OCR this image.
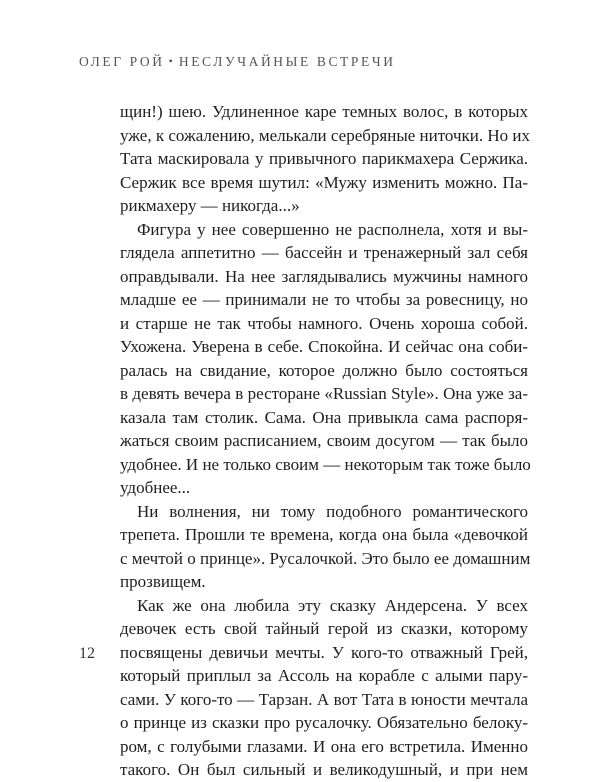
ОЛЕГ РОЙ • НЕСЛУЧАЙНЫЕ ВСТРЕЧИ
щин!) шею. Удлиненное каре темных волос, в которых
уже, к сожалению, мелькали серебряные ниточки. Но их
Тата маскировала у привычного парикмахера Сержика.
Сержик все время шутил: «Мужу изменить можно. Па-
рикмахеру — никогда...»
Фигура у нее совершенно не располнела, хотя и вы-
глядела аппетитно — бассейн и тренажерный зал себя
оправдывали. На нее заглядывались мужчины намного
младше ее — принимали не то чтобы за ровесницу, но
и старше не так чтобы намного. Очень хороша собой.
Ухожена. Уверена в себе. Спокойна. И сейчас она соби-
ралась на свидание, которое должно было состояться
в девять вечера в ресторане «Russian Style». Она уже за-
казала там столик. Сама. Она привыкла сама распоря-
жаться своим расписанием, своим досугом — так было
удобнее. И не только своим — некоторым так тоже было
удобнее...
Ни волнения, ни тому подобного романтического
трепета. Прошли те времена, когда она была «девочкой
с мечтой о принце». Русалочкой. Это было ее домашним
прозвищем.
Как же она любила эту сказку Андерсена. У всех
девочек есть свой тайный герой из сказки, которому
посвящены девичьи мечты. У кого-то отважный Грей,
который приплыл за Ассоль на корабле с алыми пару-
сами. У кого-то — Тарзан. А вот Тата в юности мечтала
о принце из сказки про русалочку. Обязательно белоку-
ром, с голубыми глазами. И она его встретила. Именно
такого. Он был сильный и великодушный, и при нем
12
